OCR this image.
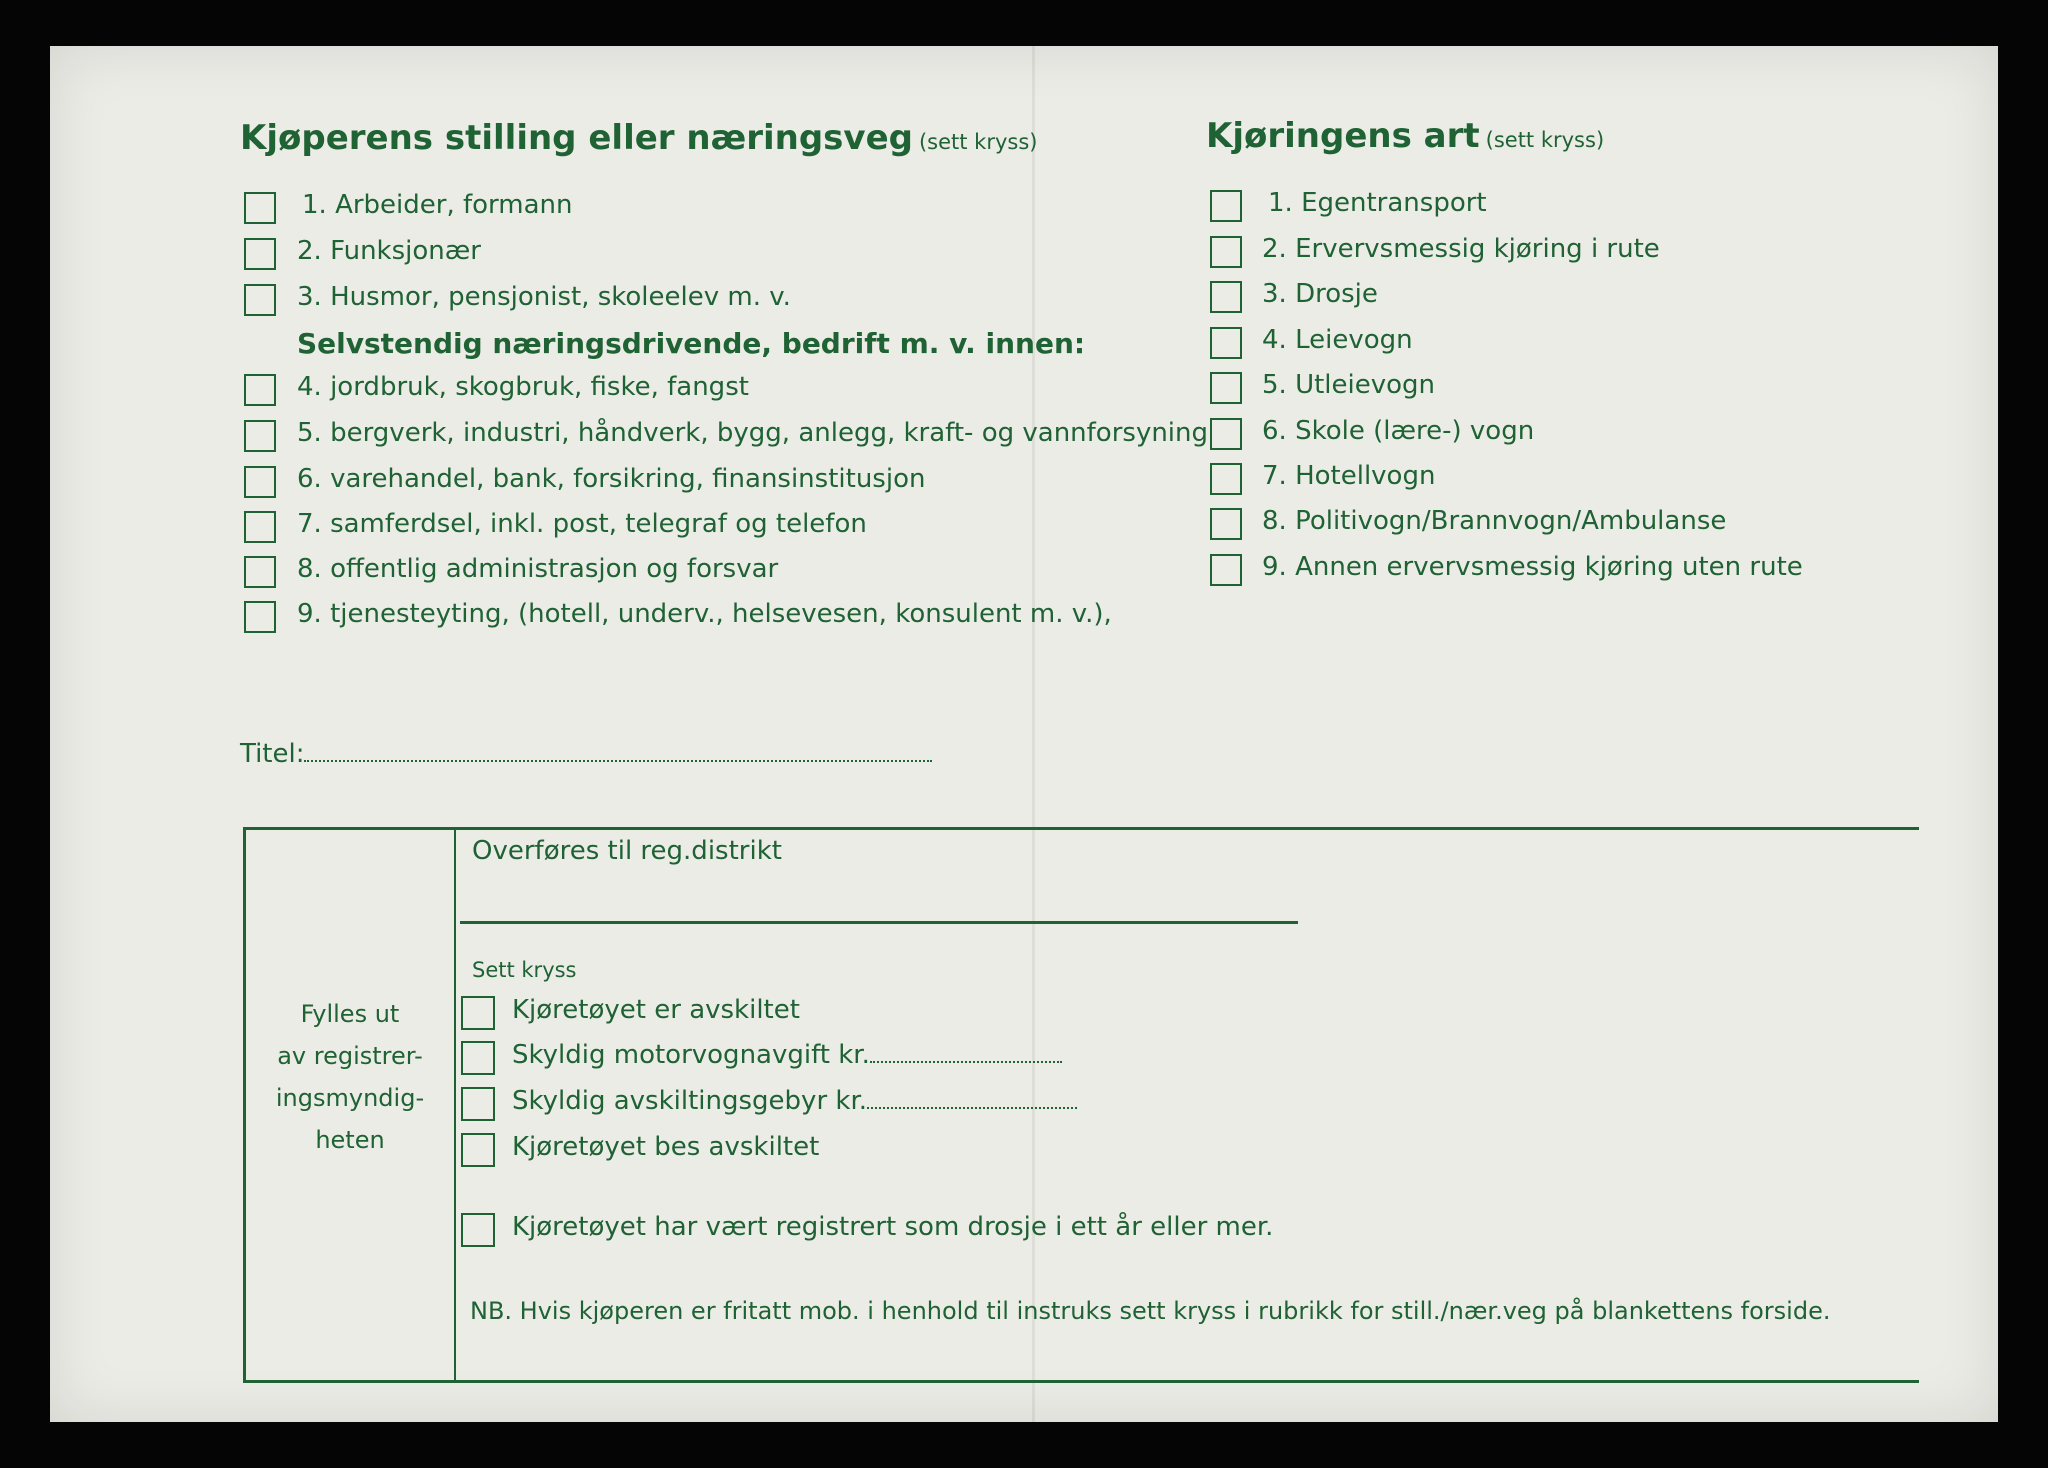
Kjøperens stilling eller næringsveg (sett kryss)
1. Arbeider, formann
2. Funksjonær
3. Husmor, pensjonist, skoleelev m. v.
Selvstendig næringsdrivende, bedrift m. v. innen:
4. jordbruk, skogbruk, fiske, fangst
5. bergverk, industri, håndverk, bygg, anlegg, kraft- og vannforsyning
6. varehandel, bank, forsikring, finansinstitusjon
7. samferdsel, inkl. post, telegraf og telefon
8. offentlig administrasjon og forsvar
9. tjenesteyting, (hotell, underv., helsevesen, konsulent m. v.),
Kjøringens art (sett kryss)
1. Egentransport
2. Ervervsmessig kjøring i rute
3. Drosje
4. Leievogn
5. Utleievogn
6. Skole (lære-) vogn
7. Hotellvogn
8. Politivogn/Brannvogn/Ambulanse
9. Annen ervervsmessig kjøring uten rute
Titel:
Fylles ut
av registrer-
ingsmyndig-
heten
Overføres til reg.distrikt
Sett kryss
Kjøretøyet er avskiltet
Skyldig motorvognavgift kr.
Skyldig avskiltingsgebyr kr.
Kjøretøyet bes avskiltet
Kjøretøyet har vært registrert som drosje i ett år eller mer.
NB. Hvis kjøperen er fritatt mob. i henhold til instruks sett kryss i rubrikk for still./nær.veg på blankettens forside.
